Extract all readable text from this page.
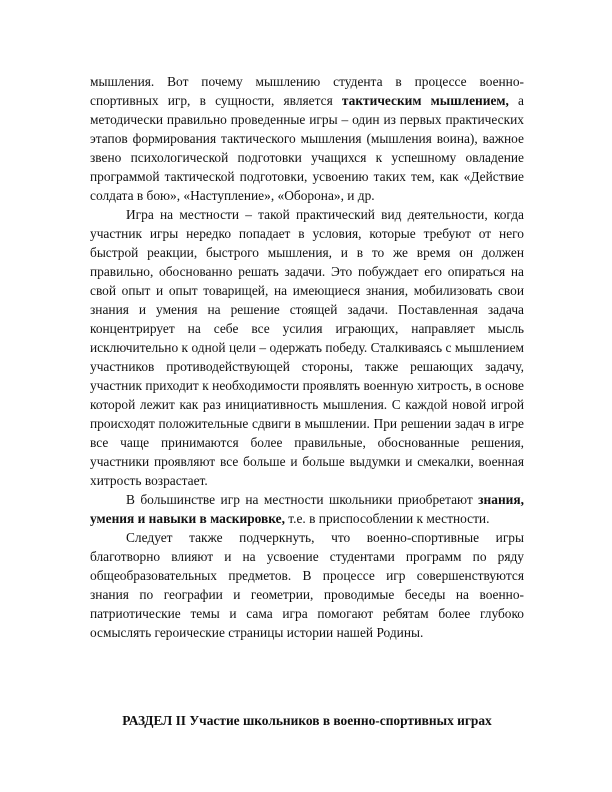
мышления. Вот почему мышлению студента в процессе военно-спортивных игр, в сущности, является тактическим мышлением, а методически правильно проведенные игры – один из первых практических этапов формирования тактического мышления (мышления воина), важное звено психологической подготовки учащихся к успешному овладение программой тактической подготовки, усвоению таких тем, как «Действие солдата в бою», «Наступление», «Оборона», и др.

Игра на местности – такой практический вид деятельности, когда участник игры нередко попадает в условия, которые требуют от него быстрой реакции, быстрого мышления, и в то же время он должен правильно, обоснованно решать задачи. Это побуждает его опираться на свой опыт и опыт товарищей, на имеющиеся знания, мобилизовать свои знания и умения на решение стоящей задачи. Поставленная задача концентрирует на себе все усилия играющих, направляет мысль исключительно к одной цели – одержать победу. Сталкиваясь с мышлением участников противодействующей стороны, также решающих задачу, участник приходит к необходимости проявлять военную хитрость, в основе которой лежит как раз инициативность мышления. С каждой новой игрой происходят положительные сдвиги в мышлении. При решении задач в игре все чаще принимаются более правильные, обоснованные решения, участники проявляют все больше и больше выдумки и смекалки, военная хитрость возрастает.

В большинстве игр на местности школьники приобретают знания, умения и навыки в маскировке, т.е. в приспособлении к местности.

Следует также подчеркнуть, что военно-спортивные игры благотворно влияют и на усвоение студентами программ по ряду общеобразовательных предметов. В процессе игр совершенствуются знания по географии и геометрии, проводимые беседы на военно-патриотические темы и сама игра помогают ребятам более глубоко осмыслять героические страницы истории нашей Родины.

РАЗДЕЛ II Участие школьников в военно-спортивных играх
